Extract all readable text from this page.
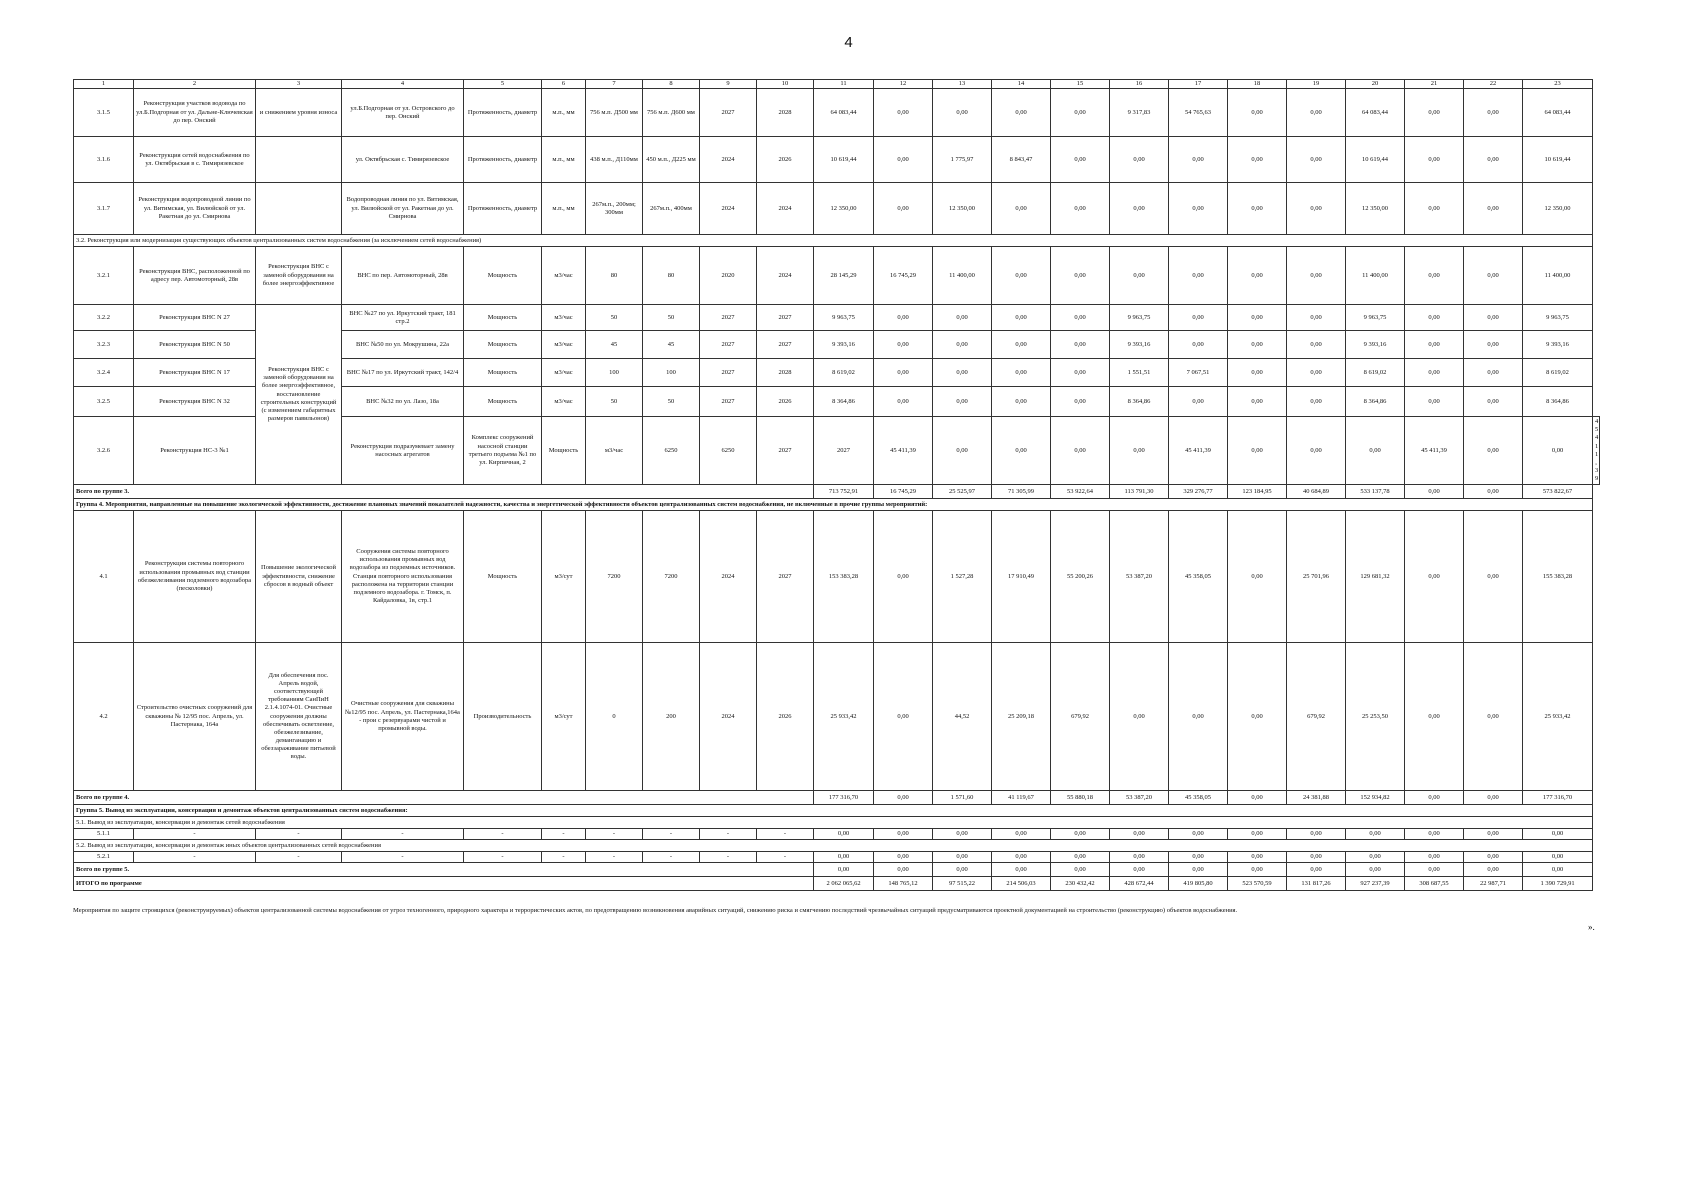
4
1	2	3	4	5	6	7	8	9	10	11	12	13	14	15	16	17	18	19	20	21	22	23	
3.1.5	Реконструкция участков водовода по ул.Б.Подгорная от ул. Дальне-Ключевская до пер. Онский	и снижением уровня износа	ул.Б.Подгорная от ул. Островского до пер. Онский	Протяженность, диаметр	м.п., мм	756 м.п. Д500 мм	756 м.п. Д600 мм	2027	2028	64 083,44	0,00	0,00	0,00	0,00	9 317,83	54 765,63	0,00	0,00	64 083,44	0,00	0,00	64 083,44	
3.1.6	Реконструкция сетей водоснабжения по ул. Октябрьская в с. Тимирязевское		ул. Октябрьская с. Тимирязевское	Протяженность, диаметр	м.п., мм	438 м.п., Д110мм	450 м.п., Д225 мм	2024	2026	10 619,44	0,00	1 775,97	8 843,47	0,00	0,00	0,00	0,00	0,00	10 619,44	0,00	0,00	10 619,44	
3.1.7	Реконструкция водопроводной линии по ул. Витимская, ул. Вилюйской от ул. Ракетная до ул. Смирнова		Водопроводная линия по ул. Витимская, ул. Вилюйской от ул. Ракетная до ул. Смирнова	Протяженность, диаметр	м.п., мм	267м.п., 200мм; 300мм	267м.п., 400мм	2024	2024	12 350,00	0,00	12 350,00	0,00	0,00	0,00	0,00	0,00	0,00	12 350,00	0,00	0,00	12 350,00	
3.2. Реконструкция или модернизация существующих объектов централизованных систем водоснабжения (за исключением сетей водоснабжения)																							
3.2.1	Реконструкция ВНС, расположенной по адресу пер. Автомоторный, 28в	Реконструкция ВНС с заменой оборудования на более энергоэффективное	ВНС по пер. Автомоторный, 28в	Мощность	м3/час	80	80	2020	2024	28 145,29	16 745,29	11 400,00	0,00	0,00	0,00	0,00	0,00	0,00	11 400,00	0,00	0,00	11 400,00	
3.2.2	Реконструкция ВНС N 27	Реконструкция ВНС с заменой оборудования на более энергоэффективное, восстановление строительных конструкций (с изменением габаритных размеров павильонов)	ВНС №27 по ул. Иркутский тракт, 181 стр.2	Мощность	м3/час	50	50	2027	2027	9 963,75	0,00	0,00	0,00	0,00	9 963,75	0,00	0,00	0,00	9 963,75	0,00	0,00	9 963,75	
3.2.3	Реконструкция ВНС N 50		ВНС №50 по ул. Мокрушина, 22а	Мощность	м3/час	45	45	2027	2027	9 393,16	0,00	0,00	0,00	0,00	9 393,16	0,00	0,00	0,00	9 393,16	0,00	0,00	9 393,16	
3.2.4	Реконструкция ВНС N 17		ВНС №17 по ул. Иркутский тракт, 142/4	Мощность	м3/час	100	100	2027	2028	8 619,02	0,00	0,00	0,00	0,00	1 551,51	7 067,51	0,00	0,00	8 619,02	0,00	0,00	8 619,02	
3.2.5	Реконструкция ВНС N 32		ВНС №32 по ул. Лазо, 18а	Мощность	м3/час	50	50	2027	2026	8 364,86	0,00	0,00	0,00	0,00	8 364,86	0,00	0,00	0,00	8 364,86	0,00	0,00	8 364,86	
3.2.6	Реконструкция НС-3 №1		Реконструкция подразумевает замену насосных агрегатов	Комплекс сооружений насосной станции третьего подъема №1 по ул. Кирпичная, 2	Мощность	м3/час	6250	6250	2027	2027	45 411,39	0,00	0,00	0,00	0,00	45 411,39	0,00	0,00	0,00	45 411,39	0,00	0,00	45 411,39
Всего по группе 3.										713 752,91	16 745,29	25 525,97	71 305,99	53 922,64	113 791,30	329 276,77	123 184,95	40 684,89	533 137,78	0,00	0,00	573 822,67	
Группа 4. Мероприятия, направленные на повышение экологической эффективности, достижение плановых значений показателей надежности, качества и энергетической эффективности объектов централизованных систем водоснабжения, не включенные в прочие группы мероприятий:																							
4.1	Реконструкция системы повторного использования промывных вод станции обезжелезивания подземного водозабора (песколовки)	Повышение экологической эффективности, снижение сбросов в водный объект	Сооружения системы повторного использования промывных вод водозабора из подземных источников. Станция повторного использования расположена на территории станции подземного водозабора. г. Томск, п. Кайдаловка, 1в, стр.1	Мощность	м3/сут	7200	7200	2024	2027	153 383,28	0,00	1 527,28	17 910,49	55 200,26	53 387,20	45 358,05	0,00	25 701,96	129 681,32	0,00	0,00	155 383,28	
4.2	Строительство очистных сооружений для скважины № 12/95 пос. Апрель, ул. Пастернака, 164а	Для обеспечения пос. Апрель водой, соответствующей требованиям СанПиН 2.1.4.1074-01. Очистные сооружения должны обеспечивать осветление, обезжелезивание, деманганацию и обеззараживание питьевой воды.	Очистные сооружения для скважины №12/95 пос. Апрель, ул. Пастернака,164а - прои с резервуарами чистой и промывной воды.	Производительность	м3/сут	0	200	2024	2026	25 933,42	0,00	44,52	25 209,18	679,92	0,00	0,00	0,00	679,92	25 253,50	0,00	0,00	25 933,42	
Всего по группе 4.										177 316,70	0,00	1 571,60	41 119,67	55 880,18	53 387,20	45 358,05	0,00	24 381,88	152 934,82	0,00	0,00	177 316,70	
Группа 5. Вывод из эксплуатации, консервация и демонтаж объектов централизованных систем водоснабжения:																							
5.1. Вывод из эксплуатации, консервация и демонтаж сетей водоснабжения																							
5.1.1	-	-	-	-	-	-	-	-	-	0,00	0,00	0,00	0,00	0,00	0,00	0,00	0,00	0,00	0,00	0,00	0,00	0,00	
5.2. Вывод из эксплуатации, консервация и демонтаж иных объектов централизованных сетей водоснабжения																							
5.2.1	-	-	-	-	-	-	-	-	-	0,00	0,00	0,00	0,00	0,00	0,00	0,00	0,00	0,00	0,00	0,00	0,00	0,00	
Всего по группе 5.										0,00	0,00	0,00	0,00	0,00	0,00	0,00	0,00	0,00	0,00	0,00	0,00	0,00	
ИТОГО по программе										2 062 065,62	148 765,12	97 515,22	214 506,03	230 432,42	428 672,44	419 805,80	523 570,59	131 817,26	927 237,39	308 687,55	22 987,71	1 390 729,91	
Мероприятия по защите строящихся (реконструируемых) объектов централизованной системы водоснабжения от угроз техногенного, природного характера и террористических актов, по предотвращению возникновения аварийных ситуаций, снижению риска и смягчению последствий чрезвычайных ситуаций предусматриваются проектной документацией на строительство (реконструкцию) объектов водоснабжения.
».
